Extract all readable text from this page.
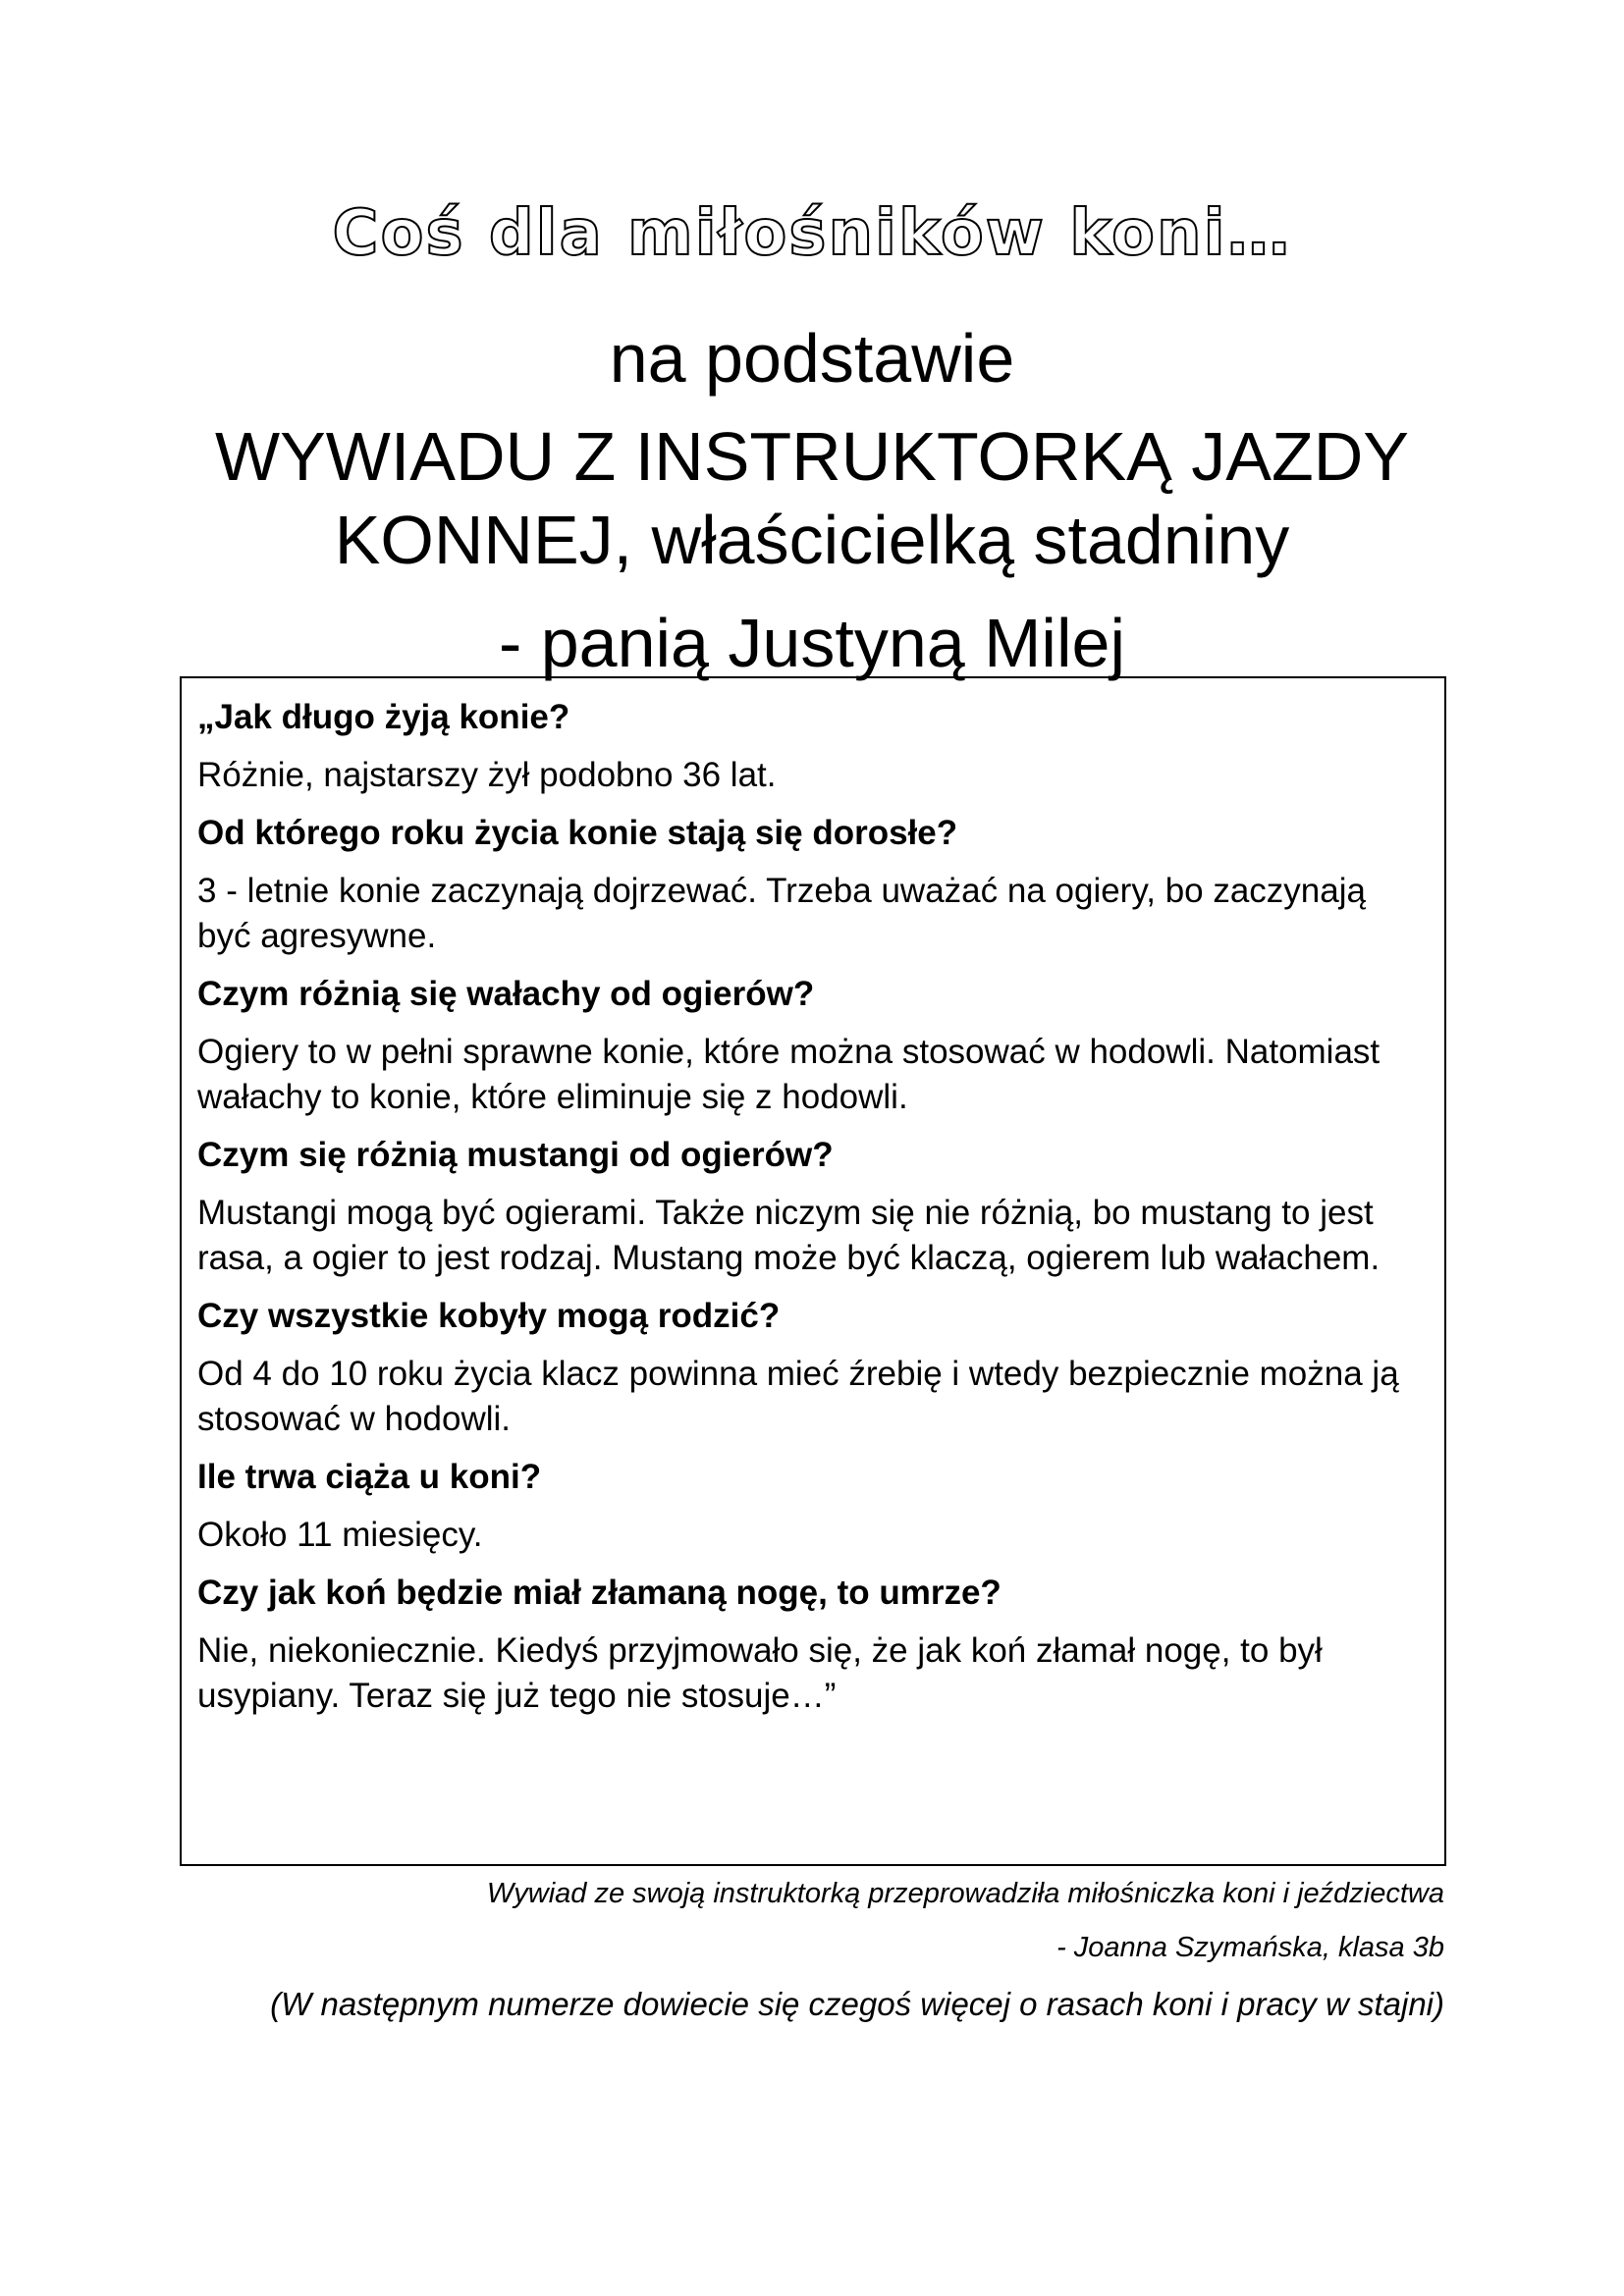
Coś dla miłośników koni…
na podstawie
WYWIADU Z INSTRUKTORKĄ JAZDY
KONNEJ, właścicielką stadniny
- panią Justyną Milej

„Jak długo żyją konie?

Różnie, najstarszy żył podobno 36 lat.

Od którego roku życia konie stają się dorosłe?

3 - letnie konie zaczynają dojrzewać. Trzeba uważać na ogiery, bo zaczynają być agresywne.

Czym różnią się wałachy od ogierów?

Ogiery to w pełni sprawne konie, które można stosować w hodowli. Natomiast wałachy to konie, które eliminuje się z hodowli.

Czym się różnią mustangi od ogierów?

Mustangi mogą być ogierami. Także niczym się nie różnią, bo mustang to jest rasa, a ogier to jest rodzaj. Mustang może być klaczą, ogierem lub wałachem.

Czy wszystkie kobyły mogą rodzić?

Od 4 do 10 roku życia klacz powinna mieć źrebię i wtedy bezpiecznie można ją stosować w hodowli.

Ile trwa ciąża u koni?

Około 11 miesięcy.

Czy jak koń będzie miał złamaną nogę, to umrze?

Nie, niekoniecznie. Kiedyś przyjmowało się, że jak koń złamał nogę, to był usypiany. Teraz się już tego nie stosuje…”

Wywiad ze swoją instruktorką przeprowadziła miłośniczka koni i jeździectwa
- Joanna Szymańska, klasa 3b
(W następnym numerze dowiecie się czegoś więcej o rasach koni i pracy w stajni)
